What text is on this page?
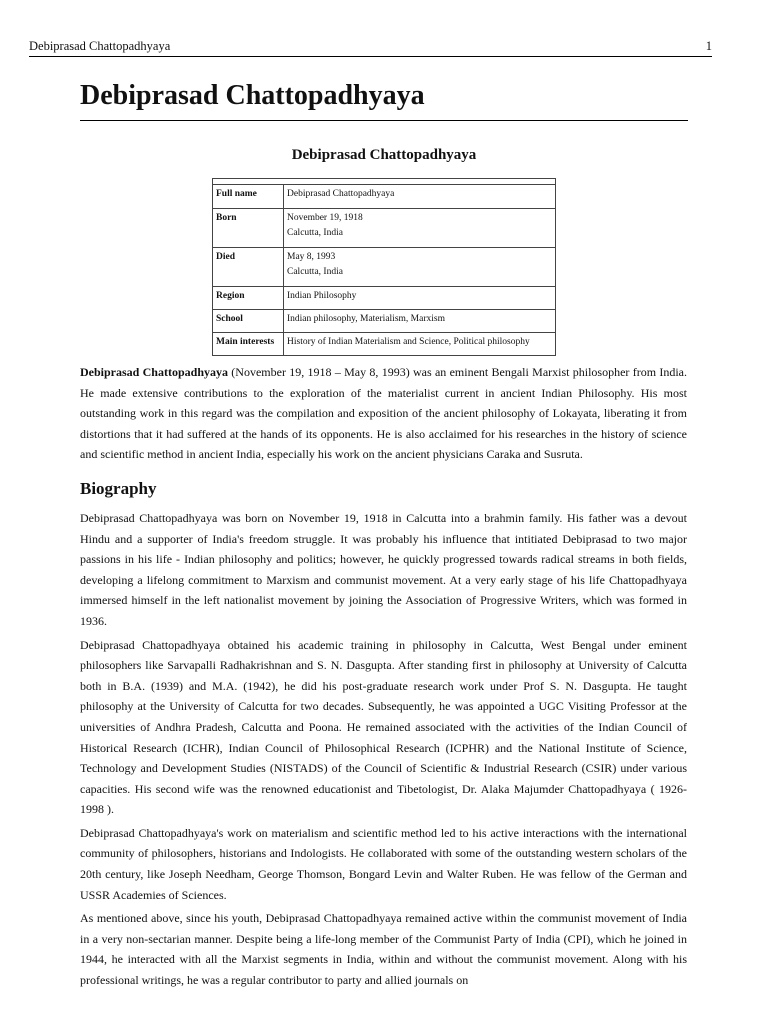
Debiprasad Chattopadhyaya	1
Debiprasad Chattopadhyaya
Debiprasad Chattopadhyaya

Full name	Debiprasad Chattopadhyaya

Born	November 19, 1918
Calcutta, India

Died	May 8, 1993
Calcutta, India

Region	Indian Philosophy

School	Indian philosophy, Materialism, Marxism

Main interests	History of Indian Materialism and Science, Political philosophy

Debiprasad Chattopadhyaya (November 19, 1918 – May 8, 1993) was an eminent Bengali Marxist philosopher from India. He made extensive contributions to the exploration of the materialist current in ancient Indian Philosophy. His most outstanding work in this regard was the compilation and exposition of the ancient philosophy of Lokayata, liberating it from distortions that it had suffered at the hands of its opponents. He is also acclaimed for his researches in the history of science and scientific method in ancient India, especially his work on the ancient physicians Caraka and Susruta.

Biography

Debiprasad Chattopadhyaya was born on November 19, 1918 in Calcutta into a brahmin family. His father was a devout Hindu and a supporter of India's freedom struggle. It was probably his influence that intitiated Debiprasad to two major passions in his life - Indian philosophy and politics; however, he quickly progressed towards radical streams in both fields, developing a lifelong commitment to Marxism and communist movement. At a very early stage of his life Chattopadhyaya immersed himself in the left nationalist movement by joining the Association of Progressive Writers, which was formed in 1936.

Debiprasad Chattopadhyaya obtained his academic training in philosophy in Calcutta, West Bengal under eminent philosophers like Sarvapalli Radhakrishnan and S. N. Dasgupta. After standing first in philosophy at University of Calcutta both in B.A. (1939) and M.A. (1942), he did his post-graduate research work under Prof S. N. Dasgupta. He taught philosophy at the University of Calcutta for two decades. Subsequently, he was appointed a UGC Visiting Professor at the universities of Andhra Pradesh, Calcutta and Poona. He remained associated with the activities of the Indian Council of Historical Research (ICHR), Indian Council of Philosophical Research (ICPHR) and the National Institute of Science, Technology and Development Studies (NISTADS) of the Council of Scientific & Industrial Research (CSIR) under various capacities. His second wife was the renowned educationist and Tibetologist, Dr. Alaka Majumder Chattopadhyaya ( 1926-1998 ).

Debiprasad Chattopadhyaya's work on materialism and scientific method led to his active interactions with the international community of philosophers, historians and Indologists. He collaborated with some of the outstanding western scholars of the 20th century, like Joseph Needham, George Thomson, Bongard Levin and Walter Ruben. He was fellow of the German and USSR Academies of Sciences.

As mentioned above, since his youth, Debiprasad Chattopadhyaya remained active within the communist movement of India in a very non-sectarian manner. Despite being a life-long member of the Communist Party of India (CPI), which he joined in 1944, he interacted with all the Marxist segments in India, within and without the communist movement. Along with his professional writings, he was a regular contributor to party and allied journals on
